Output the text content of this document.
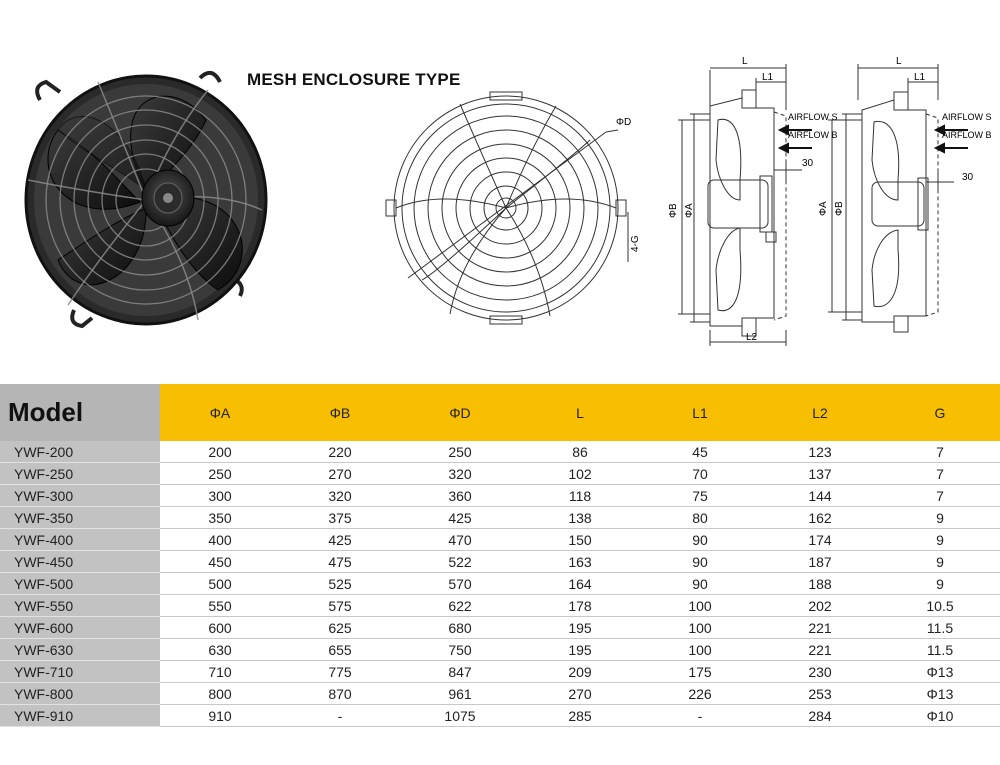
MESH ENCLOSURE TYPE
ΦD
4-G
L
L1
AIRFLOW S
AIRFLOW B
30
ΦB ΦA
L2
L
L1
AIRFLOW S
AIRFLOW B
30
ΦA ΦB
Model	ΦA	ΦB	ΦD	L	L1	L2	G
YWF-200	200	220	250	86	45	123	7
YWF-250	250	270	320	102	70	137	7
YWF-300	300	320	360	118	75	144	7
YWF-350	350	375	425	138	80	162	9
YWF-400	400	425	470	150	90	174	9
YWF-450	450	475	522	163	90	187	9
YWF-500	500	525	570	164	90	188	9
YWF-550	550	575	622	178	100	202	10.5
YWF-600	600	625	680	195	100	221	11.5
YWF-630	630	655	750	195	100	221	11.5
YWF-710	710	775	847	209	175	230	Φ13
YWF-800	800	870	961	270	226	253	Φ13
YWF-910	910	-	1075	285	-	284	Φ10
